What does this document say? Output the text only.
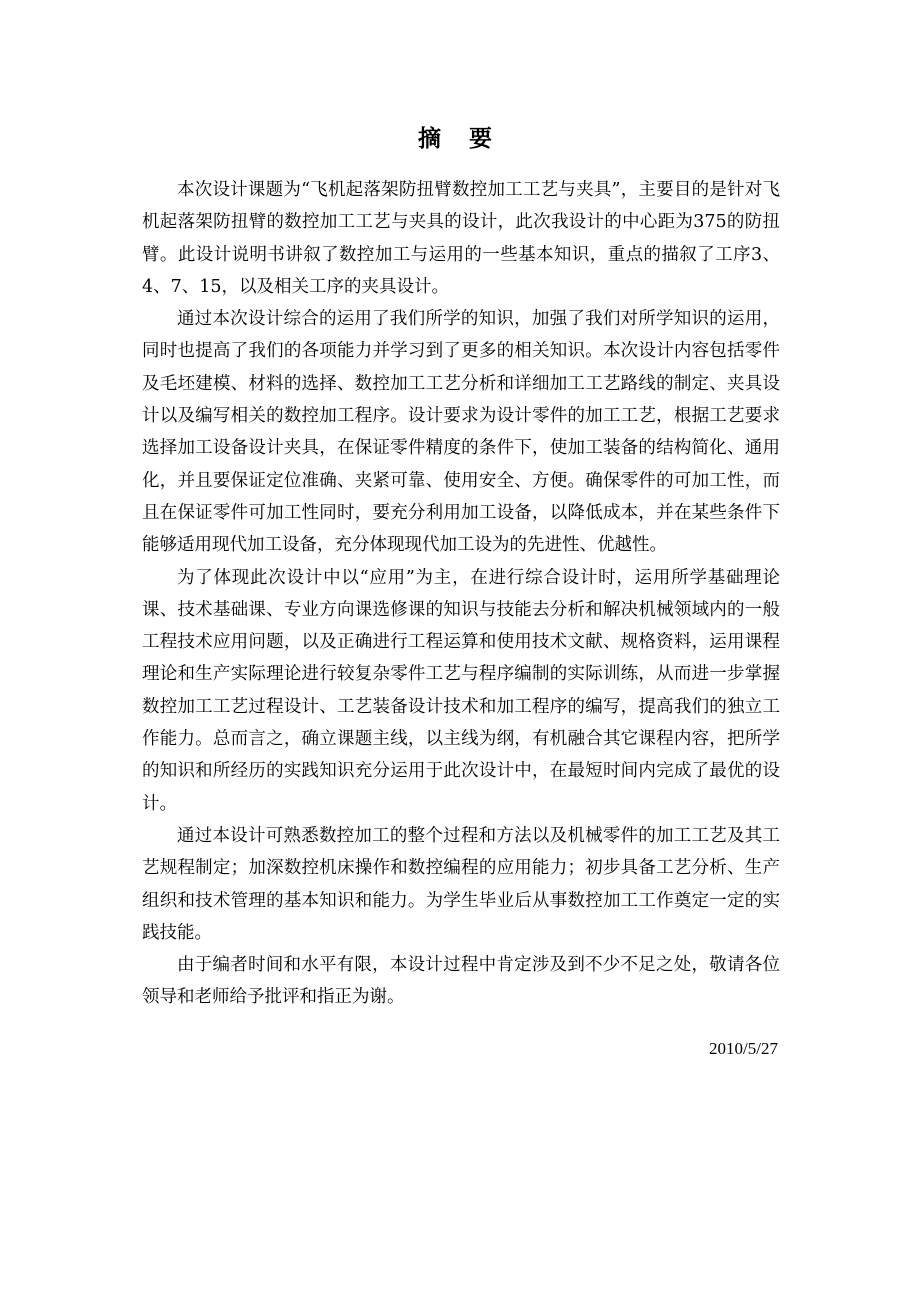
摘 要

本次设计课题为“飞机起落架防扭臂数控加工工艺与夹具”，主要目的是针对飞机起落架防扭臂的数控加工工艺与夹具的设计，此次我设计的中心距为375的防扭臂。此设计说明书讲叙了数控加工与运用的一些基本知识，重点的描叙了工序3、4、7、15，以及相关工序的夹具设计。

通过本次设计综合的运用了我们所学的知识，加强了我们对所学知识的运用，同时也提高了我们的各项能力并学习到了更多的相关知识。本次设计内容包括零件及毛坯建模、材料的选择、数控加工工艺分析和详细加工工艺路线的制定、夹具设计以及编写相关的数控加工程序。设计要求为设计零件的加工工艺，根据工艺要求选择加工设备设计夹具，在保证零件精度的条件下，使加工装备的结构简化、通用化，并且要保证定位准确、夹紧可靠、使用安全、方便。确保零件的可加工性，而且在保证零件可加工性同时，要充分利用加工设备，以降低成本，并在某些条件下能够适用现代加工设备，充分体现现代加工设为的先进性、优越性。

为了体现此次设计中以“应用”为主，在进行综合设计时，运用所学基础理论课、技术基础课、专业方向课选修课的知识与技能去分析和解决机械领域内的一般工程技术应用问题，以及正确进行工程运算和使用技术文献、规格资料，运用课程理论和生产实际理论进行较复杂零件工艺与程序编制的实际训练，从而进一步掌握数控加工工艺过程设计、工艺装备设计技术和加工程序的编写，提高我们的独立工作能力。总而言之，确立课题主线，以主线为纲，有机融合其它课程内容，把所学的知识和所经历的实践知识充分运用于此次设计中，在最短时间内完成了最优的设计。

通过本设计可熟悉数控加工的整个过程和方法以及机械零件的加工工艺及其工艺规程制定；加深数控机床操作和数控编程的应用能力；初步具备工艺分析、生产组织和技术管理的基本知识和能力。为学生毕业后从事数控加工工作奠定一定的实践技能。

由于编者时间和水平有限，本设计过程中肯定涉及到不少不足之处，敬请各位领导和老师给予批评和指正为谢。

2010/5/27
